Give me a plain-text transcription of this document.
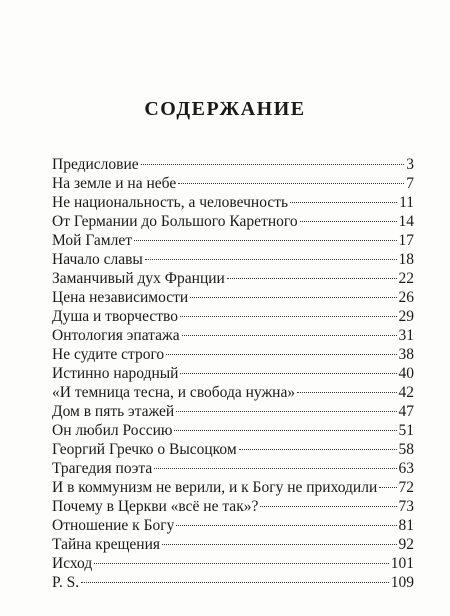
СОДЕРЖАНИЕ
Предисловие	3
На земле и на небе	7
Не национальность, а человечность	11
От Германии до Большого Каретного	14
Мой Гамлет	17
Начало славы	18
Заманчивый дух Франции	22
Цена независимости	26
Душа и творчество	29
Онтология эпатажа	31
Не судите строго	38
Истинно народный	40
«И темница тесна, и свобода нужна»	42
Дом в пять этажей	47
Он любил Россию	51
Георгий Гречко о Высоцком	58
Трагедия поэта	63
И в коммунизм не верили, и к Богу не приходили 72
Почему в Церкви «всё не так»?	73
Отношение к Богу	81
Тайна крещения	92
Исход	101
P. S.	109
